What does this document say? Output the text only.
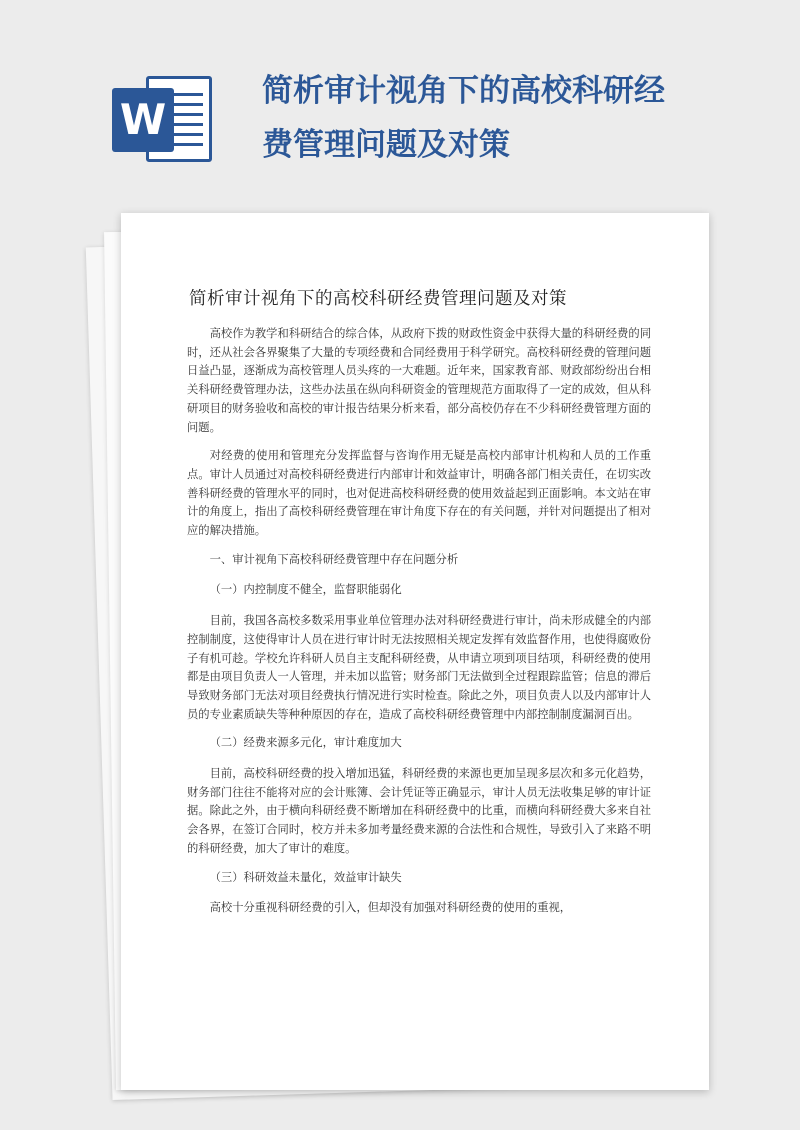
W
简析审计视角下的高校科研经
费管理问题及对策
简析审计视角下的高校科研经费管理问题及对策

高校作为教学和科研结合的综合体，从政府下拨的财政性资金中获得大量的科研经费的同时，还从社会各界聚集了大量的专项经费和合同经费用于科学研究。高校科研经费的管理问题日益凸显，逐渐成为高校管理人员头疼的一大难题。近年来，国家教育部、财政部纷纷出台相关科研经费管理办法，这些办法虽在纵向科研资金的管理规范方面取得了一定的成效，但从科研项目的财务验收和高校的审计报告结果分析来看，部分高校仍存在不少科研经费管理方面的问题。

对经费的使用和管理充分发挥监督与咨询作用无疑是高校内部审计机构和人员的工作重点。审计人员通过对高校科研经费进行内部审计和效益审计，明确各部门相关责任，在切实改善科研经费的管理水平的同时，也对促进高校科研经费的使用效益起到正面影响。本文站在审计的角度上，指出了高校科研经费管理在审计角度下存在的有关问题，并针对问题提出了相对应的解决措施。

一、审计视角下高校科研经费管理中存在问题分析

（一）内控制度不健全，监督职能弱化

目前，我国各高校多数采用事业单位管理办法对科研经费进行审计，尚未形成健全的内部控制制度，这使得审计人员在进行审计时无法按照相关规定发挥有效监督作用，也使得腐败份子有机可趁。学校允许科研人员自主支配科研经费，从申请立项到项目结项，科研经费的使用都是由项目负责人一人管理，并未加以监管；财务部门无法做到全过程跟踪监管；信息的滞后导致财务部门无法对项目经费执行情况进行实时检查。除此之外，项目负责人以及内部审计人员的专业素质缺失等种种原因的存在，造成了高校科研经费管理中内部控制制度漏洞百出。

（二）经费来源多元化，审计难度加大

目前，高校科研经费的投入增加迅猛，科研经费的来源也更加呈现多层次和多元化趋势，财务部门往往不能将对应的会计账簿、会计凭证等正确显示，审计人员无法收集足够的审计证据。除此之外，由于横向科研经费不断增加在科研经费中的比重，而横向科研经费大多来自社会各界，在签订合同时，校方并未多加考量经费来源的合法性和合规性，导致引入了来路不明的科研经费，加大了审计的难度。

（三）科研效益未量化，效益审计缺失

高校十分重视科研经费的引入，但却没有加强对科研经费的使用的重视，
